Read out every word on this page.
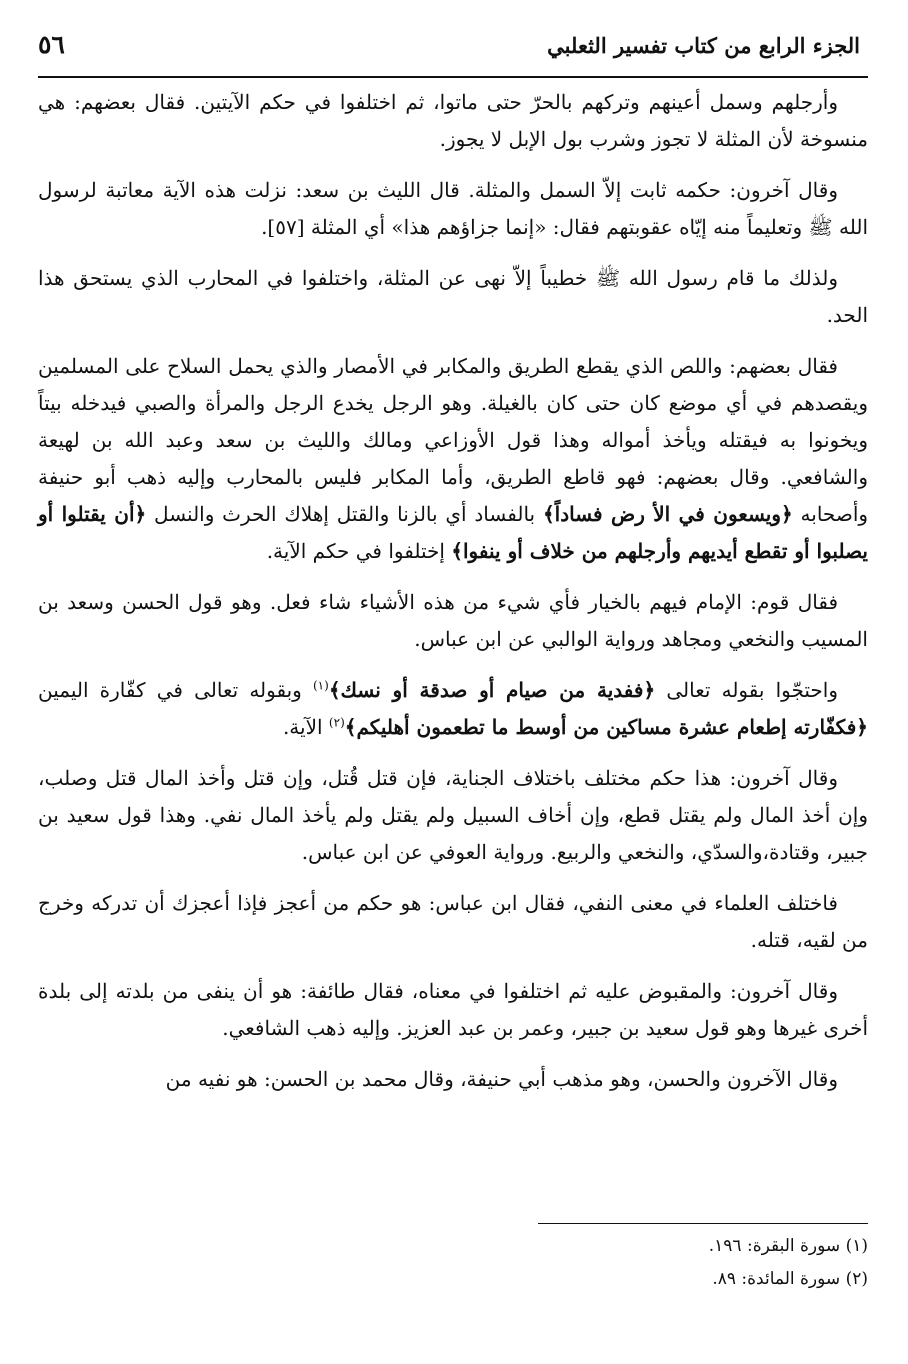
الجزء الرابع من كتاب تفسير الثعلبي
٥٦

وأرجلهم وسمل أعينهم وتركهم بالحرّ حتى ماتوا، ثم اختلفوا في حكم الآيتين. فقال بعضهم: هي منسوخة لأن المثلة لا تجوز وشرب بول الإبل لا يجوز.

وقال آخرون: حكمه ثابت إلاّ السمل والمثلة. قال الليث بن سعد: نزلت هذه الآية معاتبة لرسول الله ﷺ وتعليماً منه إيّاه عقوبتهم فقال: «إنما جزاؤهم هذا» أي المثلة [٥٧].

ولذلك ما قام رسول الله ﷺ خطيباً إلاّ نهى عن المثلة، واختلفوا في المحارب الذي يستحق هذا الحد.

فقال بعضهم: واللص الذي يقطع الطريق والمكابر في الأمصار والذي يحمل السلاح على المسلمين ويقصدهم في أي موضع كان حتى كان بالغيلة. وهو الرجل يخدع الرجل والمرأة والصبي فيدخله بيتاً ويخونوا به فيقتله ويأخذ أمواله وهذا قول الأوزاعي ومالك والليث بن سعد وعبد الله بن لهيعة والشافعي. وقال بعضهم: فهو قاطع الطريق، وأما المكابر فليس بالمحارب وإليه ذهب أبو حنيفة وأصحابه ﴿ويسعون في الأ رض فساداً﴾ بالفساد أي بالزنا والقتل إهلاك الحرث والنسل ﴿أن يقتلوا أو يصلبوا أو تقطع أيديهم وأرجلهم من خلاف أو ينفوا﴾ إختلفوا في حكم الآية.

فقال قوم: الإمام فيهم بالخيار فأي شيء من هذه الأشياء شاء فعل. وهو قول الحسن وسعد بن المسيب والنخعي ومجاهد ورواية الوالبي عن ابن عباس.

واحتجّوا بقوله تعالى ﴿ففدية من صيام أو صدقة أو نسك﴾$^{(١)}$ وبقوله تعالى في كفّارة اليمين ﴿فكفّارته إطعام عشرة مساكين من أوسط ما تطعمون أهليكم﴾$^{(٢)}$ الآية.

وقال آخرون: هذا حكم مختلف باختلاف الجناية، فإن قتل قُتل، وإن قتل وأخذ المال قتل وصلب، وإن أخذ المال ولم يقتل قطع، وإن أخاف السبيل ولم يقتل ولم يأخذ المال نفي. وهذا قول سعيد بن جبير، وقتادة،والسدّي، والنخعي والربيع. ورواية العوفي عن ابن عباس.

فاختلف العلماء في معنى النفي، فقال ابن عباس: هو حكم من أعجز فإذا أعجزك أن تدركه وخرج من لقيه، قتله.

وقال آخرون: والمقبوض عليه ثم اختلفوا في معناه، فقال طائفة: هو أن ينفى من بلدته إلى بلدة أخرى غيرها وهو قول سعيد بن جبير، وعمر بن عبد العزيز. وإليه ذهب الشافعي.

وقال الآخرون والحسن، وهو مذهب أبي حنيفة، وقال محمد بن الحسن: هو نفيه من

(١) سورة البقرة: ١٩٦.
(٢) سورة المائدة: ٨٩.
